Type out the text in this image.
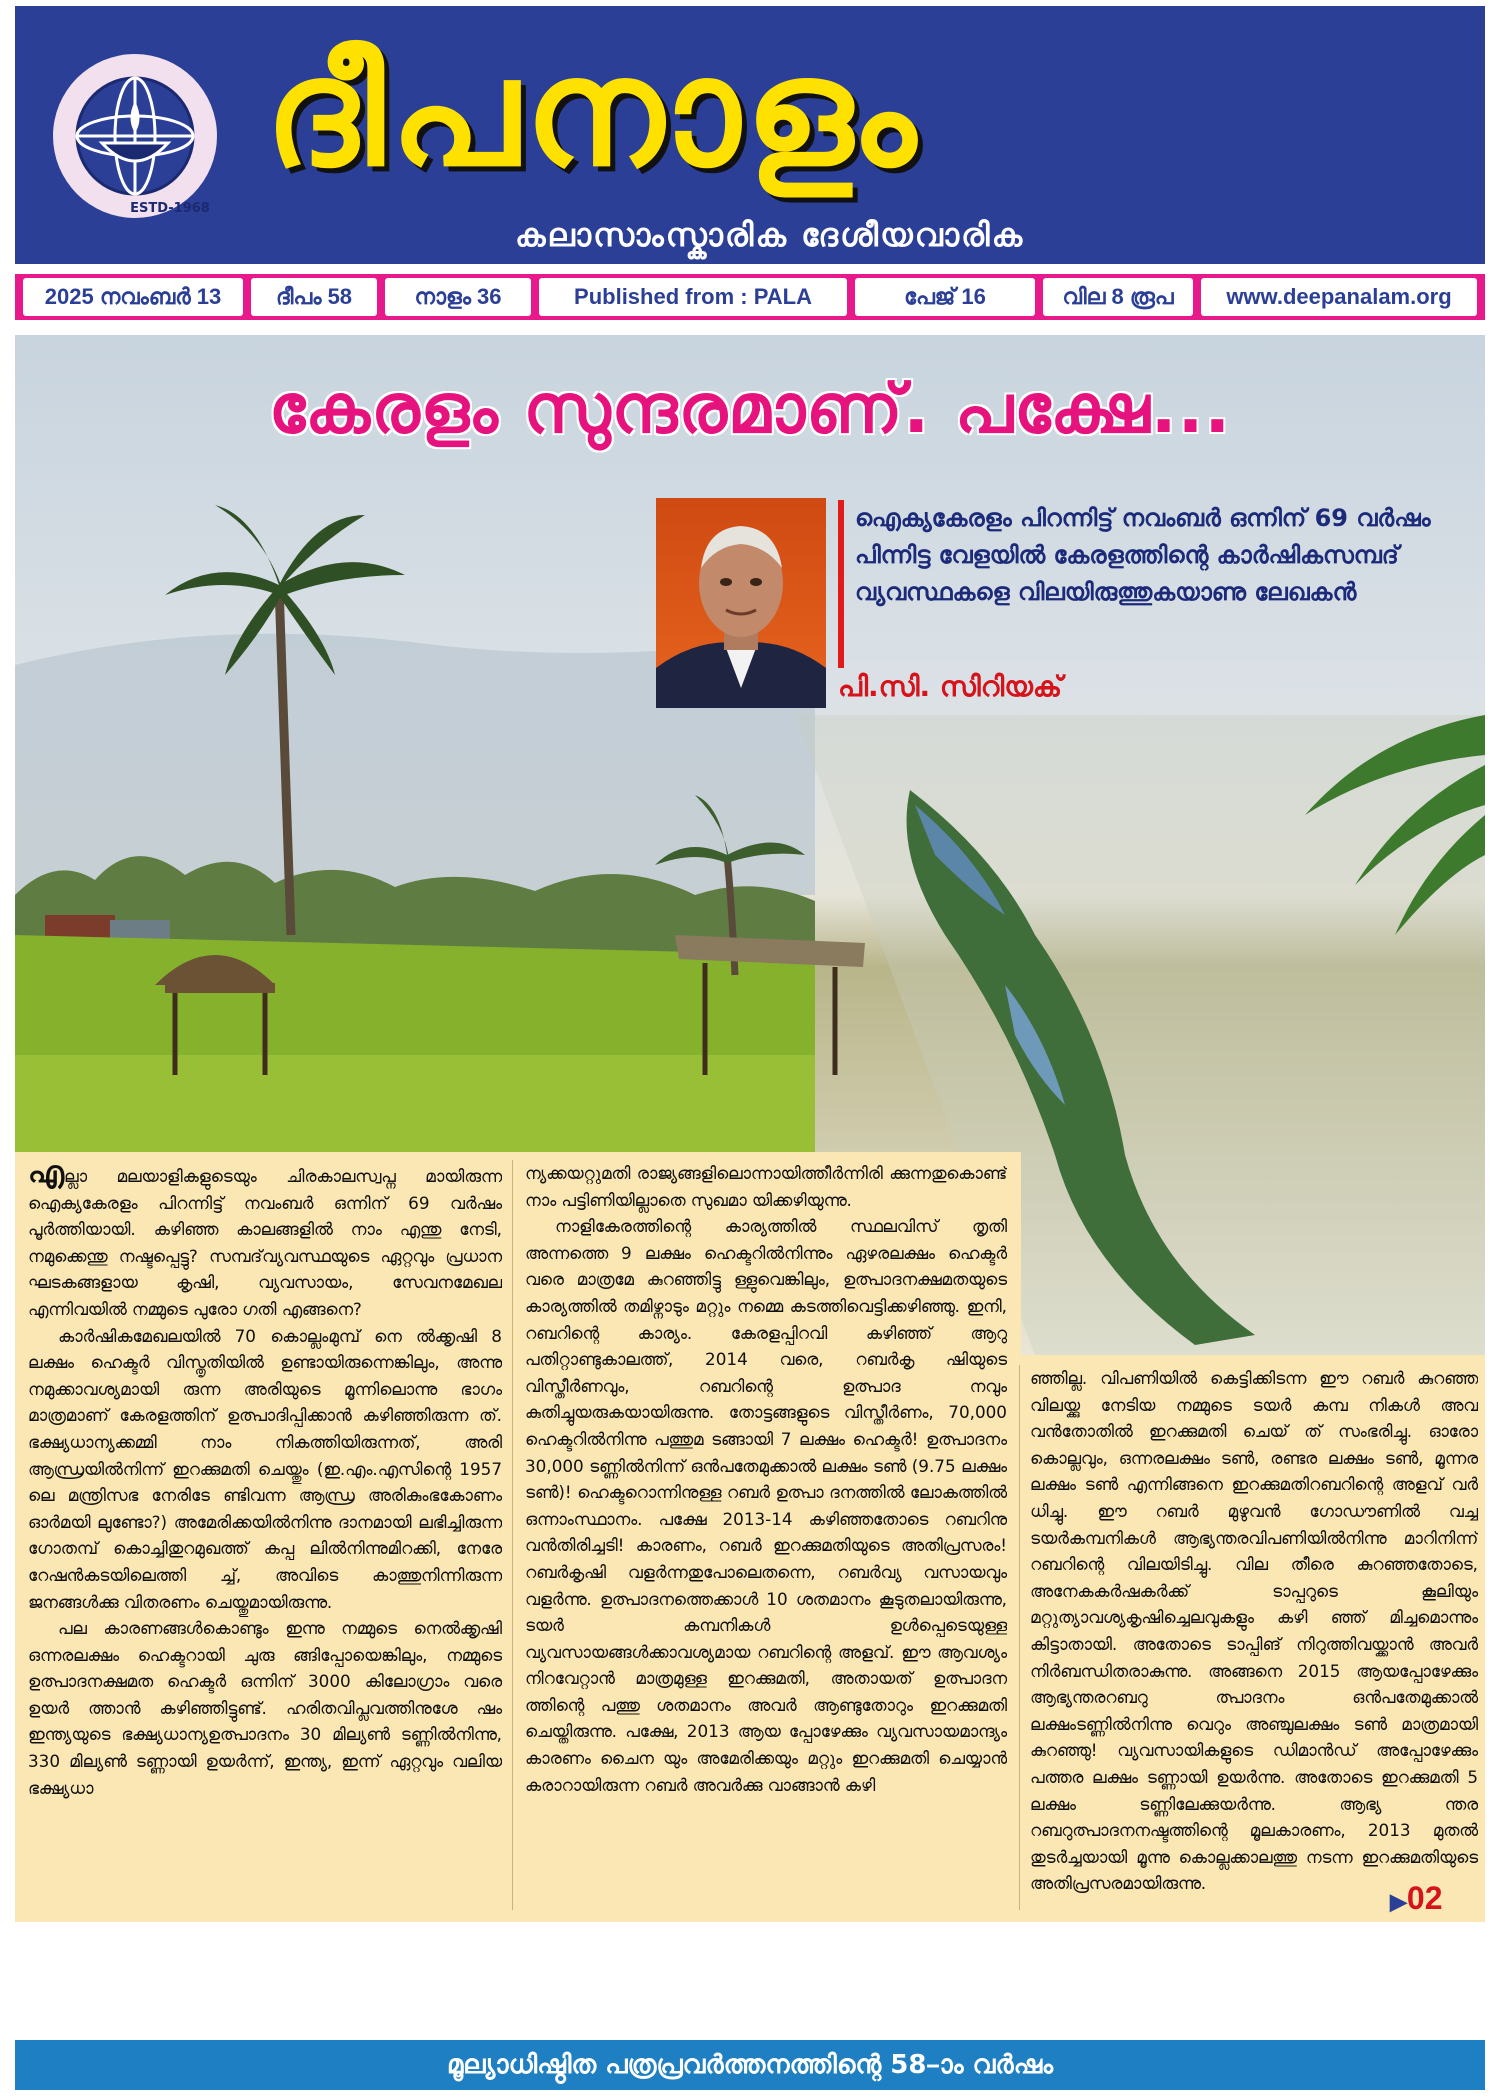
ESTD-1968
ദീപനാളം
കലാസാംസ്കാരിക ദേശീയവാരിക
2025 നവംബർ 13	ദീപം 58	നാളം 36	Published from : PALA	പേജ് 16	വില 8 രൂപ	www.deepanalam.org
കേരളം സുന്ദരമാണ്. പക്ഷേ...
ഐക്യകേരളം പിറന്നിട്ട് നവംബർ ഒന്നിന് 69 വർഷം
പിന്നിട്ട വേളയിൽ കേരളത്തിന്റെ കാർഷികസമ്പദ്
വ്യവസ്ഥകളെ വിലയിരുത്തുകയാണു ലേഖകൻ
പി.സി. സിറിയക്

എല്ലാ മലയാളികളുടെയും ചിരകാലസ്വപ്ന മായിരുന്ന ഐക്യകേരളം പിറന്നിട്ട് നവംബർ ഒന്നിന് 69 വർഷം പൂർത്തിയായി. കഴിഞ്ഞ കാലങ്ങളിൽ നാം എന്തു നേടി, നമുക്കെന്തു നഷ്ടപ്പെട്ടു? സമ്പദ്‌വ്യവസ്ഥയുടെ ഏറ്റവും പ്രധാന ഘടകങ്ങളായ കൃഷി, വ്യവസായം, സേവനമേഖല എന്നിവയിൽ നമ്മുടെ പുരോ ഗതി എങ്ങനെ?

കാർഷികമേഖലയിൽ 70 കൊല്ലംമുമ്പ് നെ ൽക്കൃഷി 8 ലക്ഷം ഹെക്ടർ വിസ്തൃതിയിൽ ഉണ്ടായിരുന്നെങ്കിലും, അന്നു നമുക്കാവശ്യമായി രുന്ന അരിയുടെ മൂന്നിലൊന്നു ഭാഗം മാത്രമാണ് കേരളത്തിന് ഉത്പാദിപ്പിക്കാൻ കഴിഞ്ഞിരുന്ന ത്. ഭക്ഷ്യധാന്യക്കമ്മി നാം നികത്തിയിരുന്നത്, അരി ആന്ധ്രയിൽനിന്ന് ഇറക്കുമതി ചെയ്തും (ഇ.എം.എസിന്റെ 1957 ലെ മന്ത്രിസഭ നേരിടേ ണ്ടിവന്ന ആന്ധ്ര അരികുംഭകോണം ഓർമയി ലുണ്ടോ?) അമേരിക്കയിൽനിന്നു ദാനമായി ലഭിച്ചിരുന്ന ഗോതമ്പ് കൊച്ചിതുറമുഖത്ത് കപ്പ ലിൽനിന്നുമിറക്കി, നേരേ റേഷൻകടയിലെത്തി ച്ച്, അവിടെ കാത്തുനിന്നിരുന്ന ജനങ്ങൾക്കു വിതരണം ചെയ്തുമായിരുന്നു.

പല കാരണങ്ങൾകൊണ്ടും ഇന്നു നമ്മുടെ നെൽക്കൃഷി ഒന്നരലക്ഷം ഹെക്ടറായി ചുരു ങ്ങിപ്പോയെങ്കിലും, നമ്മുടെ ഉത്പാദനക്ഷമത ഹെക്ടർ ഒന്നിന് 3000 കിലോഗ്രാം വരെ ഉയർ ത്താൻ കഴിഞ്ഞിട്ടുണ്ട്. ഹരിതവിപ്ലവത്തിനുശേ ഷം ഇന്ത്യയുടെ ഭക്ഷ്യധാന്യഉത്പാദനം 30 മില്യൺ ടണ്ണിൽനിന്നു, 330 മില്യൺ ടണ്ണായി ഉയർന്ന്, ഇന്ത്യ, ഇന്ന് ഏറ്റവും വലിയ ഭക്ഷ്യധാ

ന്യക്കയറ്റുമതി രാജ്യങ്ങളിലൊന്നായിത്തീർന്നിരി ക്കുന്നതുകൊണ്ട് നാം പട്ടിണിയില്ലാതെ സുഖമാ യിക്കഴിയുന്നു.

നാളികേരത്തിന്റെ കാര്യത്തിൽ സ്ഥലവിസ് തൃതി അന്നത്തെ 9 ലക്ഷം ഹെക്ടറിൽനിന്നും ഏഴരലക്ഷം ഹെക്ടർ വരെ മാത്രമേ കുറഞ്ഞിട്ടു ള്ളുവെങ്കിലും, ഉത്പാദനക്ഷമതയുടെ കാര്യത്തിൽ തമിഴ്നാടും മറ്റും നമ്മെ കടത്തിവെട്ടിക്കഴിഞ്ഞു. ഇനി, റബറിന്റെ കാര്യം. കേരളപ്പിറവി കഴിഞ്ഞ് ആറു പതിറ്റാണ്ടുകാലത്ത്, 2014 വരെ, റബർകൃ ഷിയുടെ വിസ്തീർണവും, റബറിന്റെ ഉത്പാദ നവും കുതിച്ചുയരുകയായിരുന്നു. തോട്ടങ്ങളുടെ വിസ്തീർണം, 70,000 ഹെക്ടറിൽനിന്നു പത്തുമ ടങ്ങായി 7 ലക്ഷം ഹെക്ടർ! ഉത്പാദനം 30,000 ടണ്ണിൽനിന്ന് ഒൻപതേമുക്കാൽ ലക്ഷം ടൺ (9.75 ലക്ഷം ടൺ)! ഹെക്ടറൊന്നിനുള്ള റബർ ഉത്പാ ദനത്തിൽ ലോകത്തിൽ ഒന്നാംസ്ഥാനം. പക്ഷേ 2013-14 കഴിഞ്ഞതോടെ റബറിനു വൻതിരിച്ചടി! കാരണം, റബർ ഇറക്കുമതിയുടെ അതിപ്രസരം! റബർകൃഷി വളർന്നതുപോലെതന്നെ, റബർവ്യ വസായവും വളർന്നു. ഉത്പാദനത്തെക്കാൾ 10 ശതമാനം കൂടുതലായിരുന്നു, ടയർ കമ്പനികൾ ഉൾപ്പെടെയുള്ള വ്യവസായങ്ങൾക്കാവശ്യമായ റബറിന്റെ അളവ്. ഈ ആവശ്യം നിറവേറ്റാൻ മാത്രമുള്ള ഇറക്കുമതി, അതായത് ഉത്പാദന ത്തിന്റെ പത്തു ശതമാനം അവർ ആണ്ടുതോറും ഇറക്കുമതി ചെയ്തിരുന്നു. പക്ഷേ, 2013 ആയ പ്പോഴേക്കും വ്യവസായമാന്ദ്യം കാരണം ചൈന യും അമേരിക്കയും മറ്റും ഇറക്കുമതി ചെയ്യാൻ കരാറായിരുന്ന റബർ അവർക്കു വാങ്ങാൻ കഴി

ഞ്ഞില്ല. വിപണിയിൽ കെട്ടിക്കിടന്ന ഈ റബർ കുറഞ്ഞ വിലയ്ക്കു നേടിയ നമ്മുടെ ടയർ കമ്പ നികൾ അവ വൻതോതിൽ ഇറക്കുമതി ചെയ് ത് സംഭരിച്ചു. ഓരോ കൊല്ലവും, ഒന്നരലക്ഷം ടൺ, രണ്ടര ലക്ഷം ടൺ, മൂന്നര ലക്ഷം ടൺ എന്നിങ്ങനെ ഇറക്കുമതിറബറിന്റെ അളവ് വർ ധിച്ചു. ഈ റബർ മുഴുവൻ ഗോഡൗണിൽ വച്ച ടയർകമ്പനികൾ ആഭ്യന്തരവിപണിയിൽനിന്നു മാറിനിന്ന് റബറിന്റെ വിലയിടിച്ചു. വില തീരെ കുറഞ്ഞതോടെ, അനേകകർഷകർക്ക് ടാപ്പറുടെ കൂലിയും മറ്റുത്യാവശ്യകൃഷിച്ചെലവുകളും കഴി ഞ്ഞ് മിച്ചമൊന്നും കിട്ടാതായി. അതോടെ ടാപ്പിങ് നിറുത്തിവയ്ക്കാൻ അവർ നിർബന്ധിതരാകുന്നു. അങ്ങനെ 2015 ആയപ്പോഴേക്കും ആഭ്യന്തരറബറു ത്പാദനം ഒൻപതേമുക്കാൽ ലക്ഷംടണ്ണിൽനിന്നു വെറും അഞ്ചുലക്ഷം ടൺ മാത്രമായി കുറഞ്ഞു! വ്യവസായികളുടെ ഡിമാൻഡ് അപ്പോഴേക്കും പത്തര ലക്ഷം ടണ്ണായി ഉയർന്നു. അതോടെ ഇറക്കുമതി 5 ലക്ഷം ടണ്ണിലേക്കുയർന്നു. ആഭ്യ ന്തര റബറുത്പാദനനഷ്ടത്തിന്റെ മൂലകാരണം, 2013 മുതൽ തുടർച്ചയായി മൂന്നു കൊല്ലക്കാലത്തു നടന്ന ഇറക്കുമതിയുടെ അതിപ്രസരമായിരുന്നു.

▶02
മൂല്യാധിഷ്ഠിത പത്രപ്രവർത്തനത്തിന്റെ 58–ാം വർഷം
